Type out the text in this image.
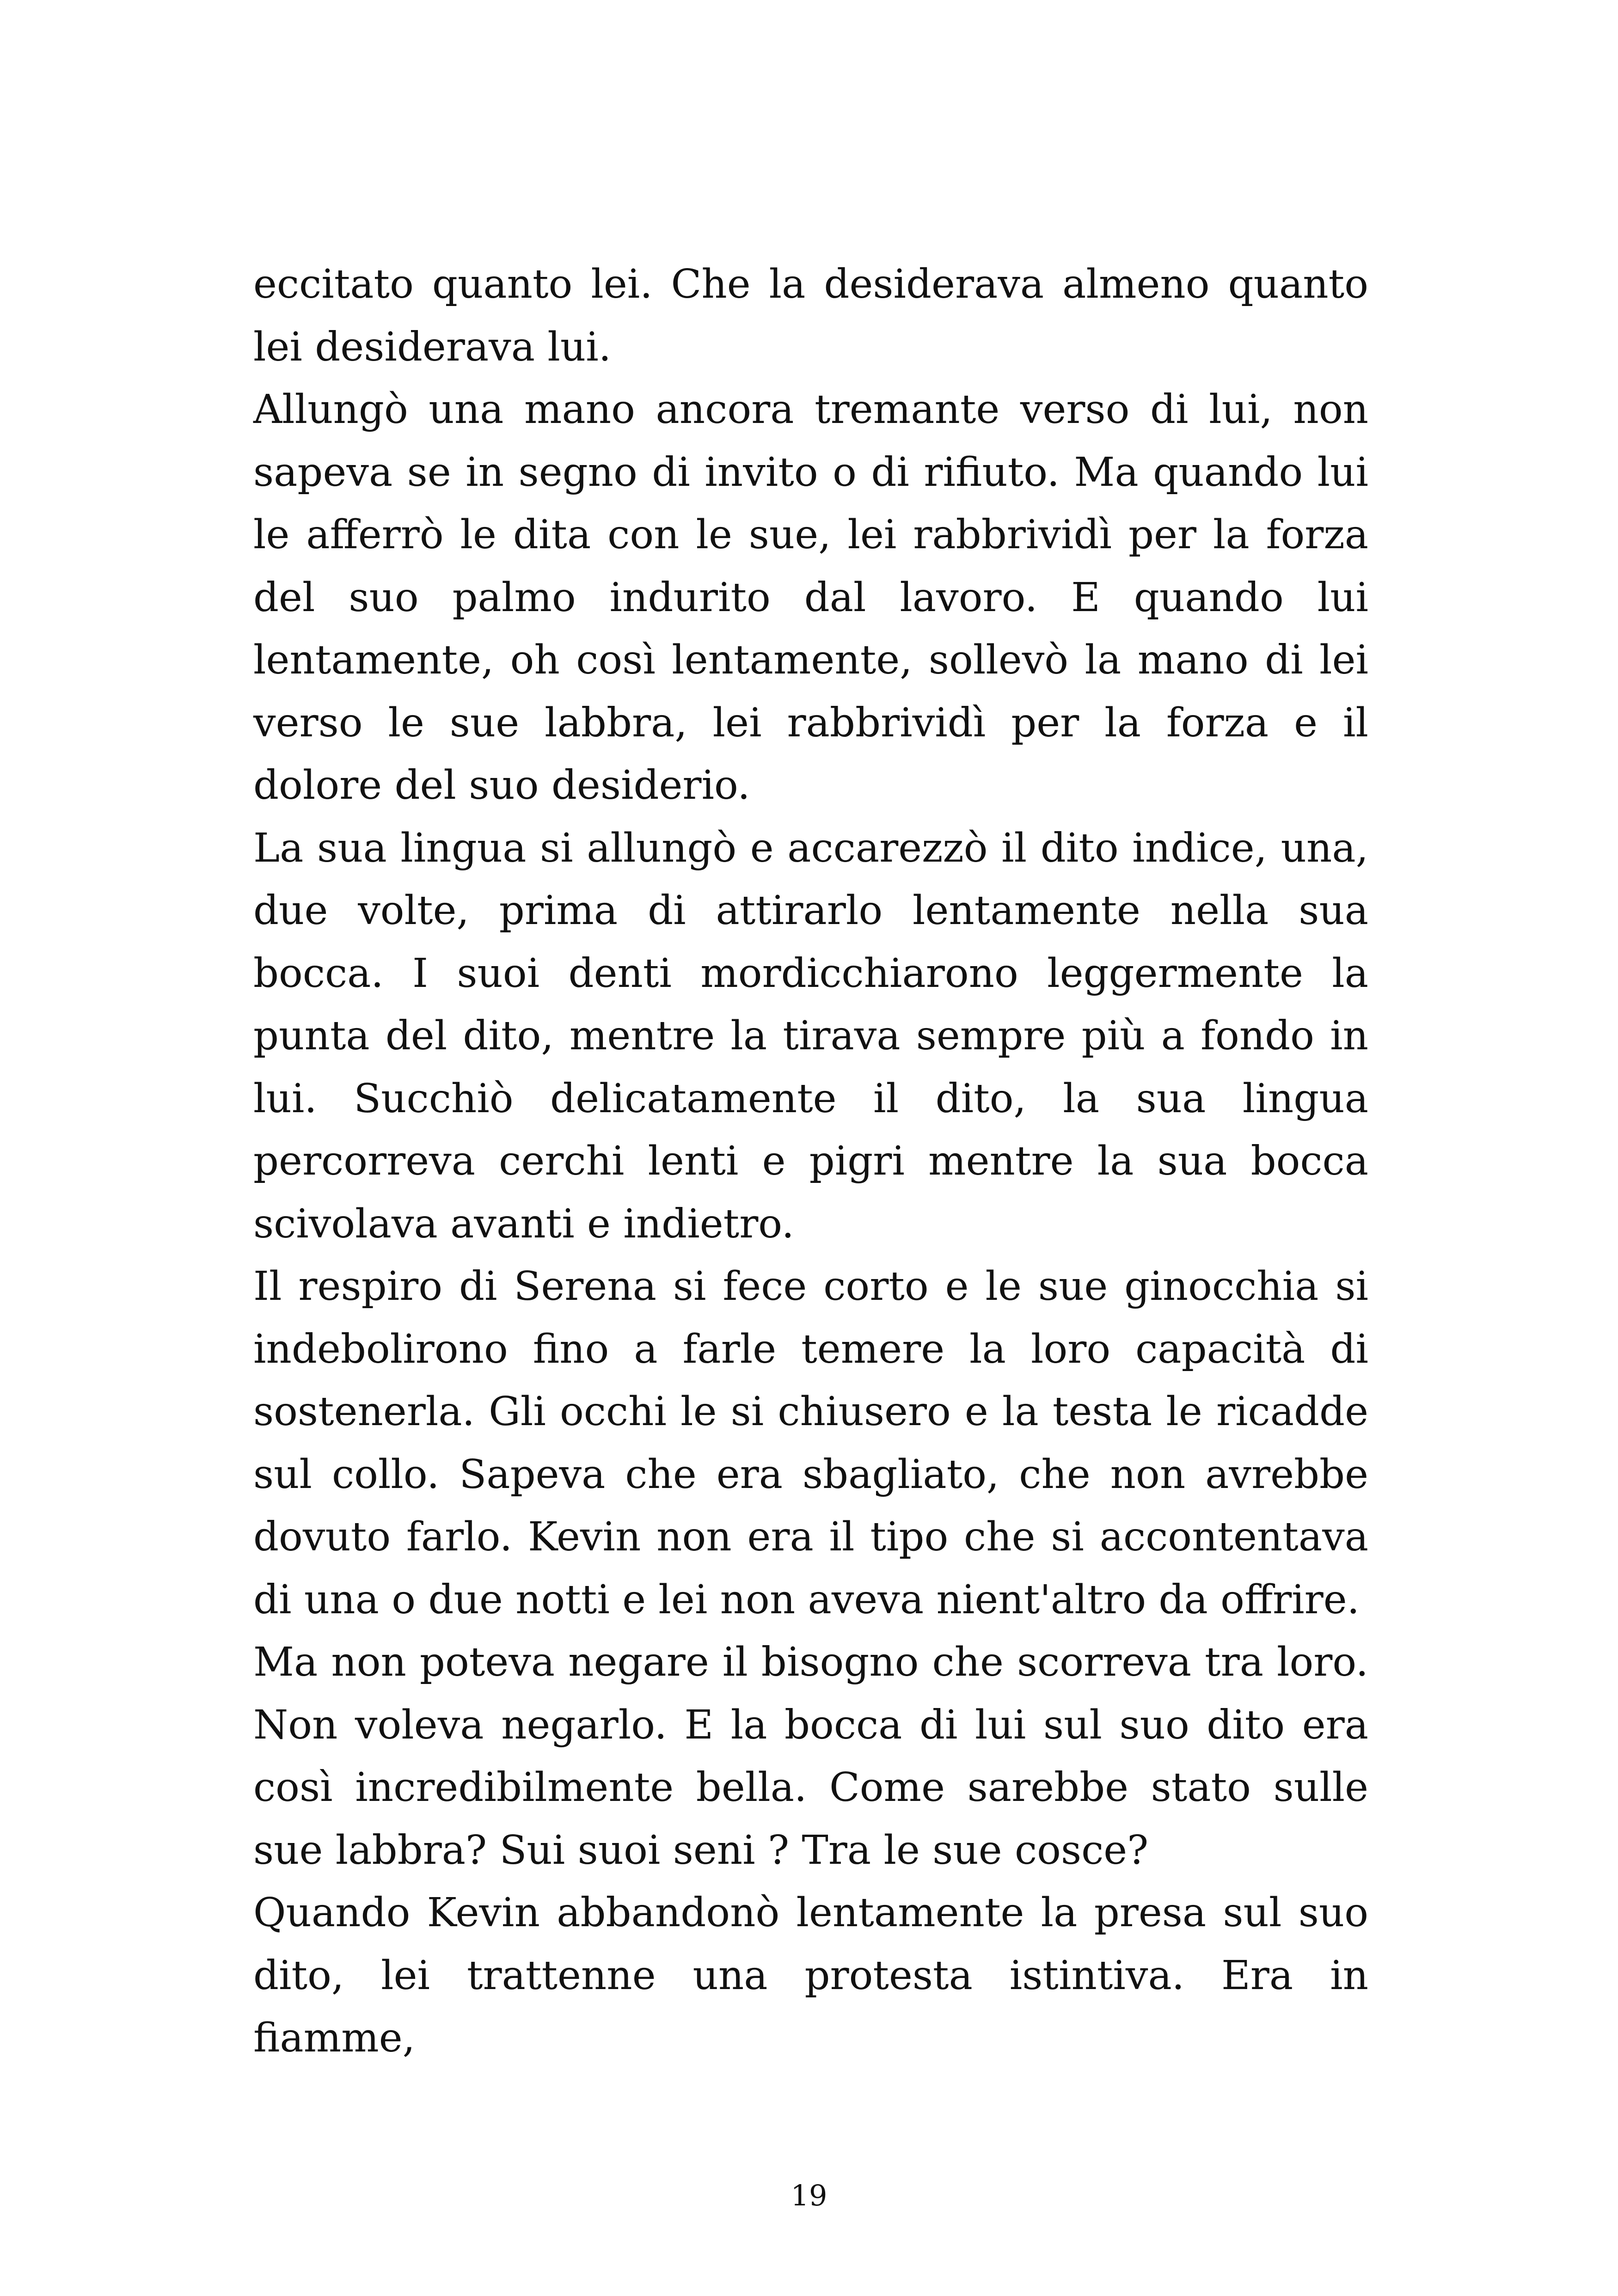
eccitato quanto lei. Che la desiderava almeno quanto lei desiderava lui.

Allungò una mano ancora tremante verso di lui, non sapeva se in segno di invito o di rifiuto. Ma quando lui le afferrò le dita con le sue, lei rabbrividì per la forza del suo palmo indurito dal lavoro. E quando lui lentamente, oh così lentamente, sollevò la mano di lei verso le sue labbra, lei rabbrividì per la forza e il dolore del suo desiderio.

La sua lingua si allungò e accarezzò il dito indice, una, due volte, prima di attirarlo lentamente nella sua bocca. I suoi denti mordicchiarono leggermente la punta del dito, mentre la tirava sempre più a fondo in lui. Succhiò delicatamente il dito, la sua lingua percorreva cerchi lenti e pigri mentre la sua bocca scivolava avanti e indietro.

Il respiro di Serena si fece corto e le sue ginocchia si indebolirono fino a farle temere la loro capacità di sostenerla. Gli occhi le si chiusero e la testa le ricadde sul collo. Sapeva che era sbagliato, che non avrebbe dovuto farlo. Kevin non era il tipo che si accontentava di una o due notti e lei non aveva nient'altro da offrire.

Ma non poteva negare il bisogno che scorreva tra loro. Non voleva negarlo. E la bocca di lui sul suo dito era così incredibilmente bella. Come sarebbe stato sulle sue labbra? Sui suoi seni ? Tra le sue cosce?

Quando Kevin abbandonò lentamente la presa sul suo dito, lei trattenne una protesta istintiva. Era in fiamme,

19
